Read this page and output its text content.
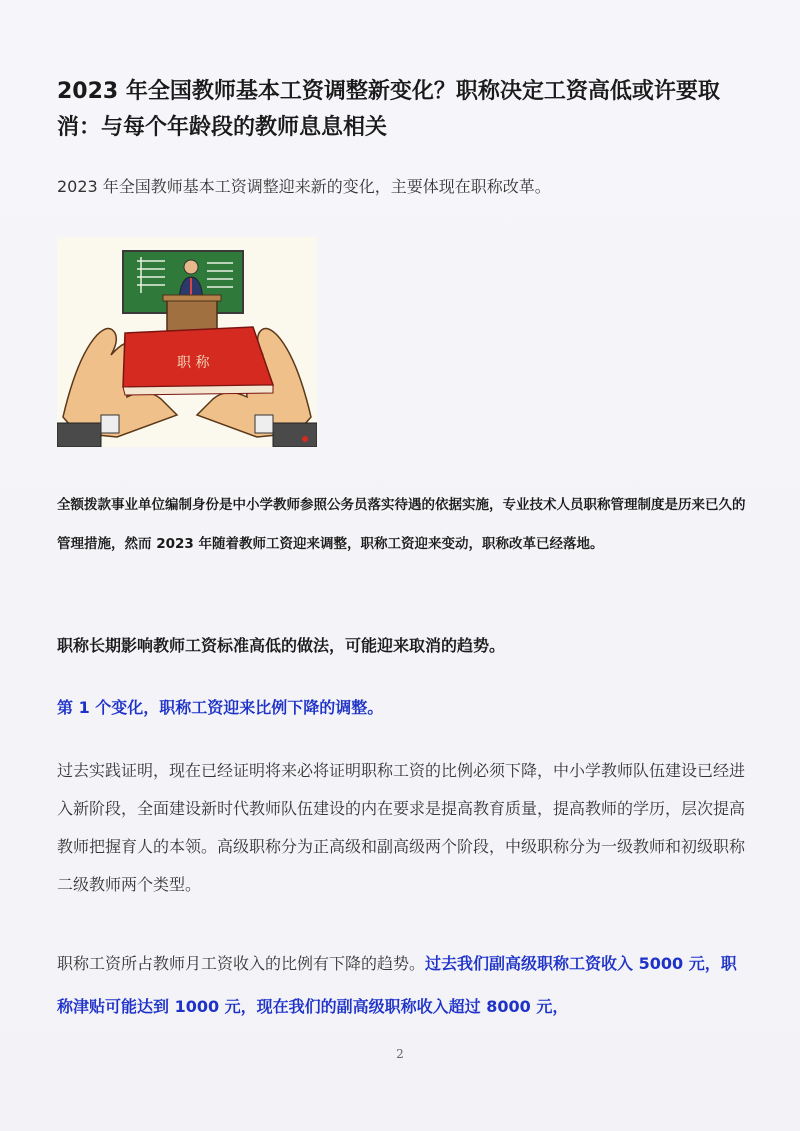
2023 年全国教师基本工资调整新变化？职称决定工资高低或许要取消：与每个年龄段的教师息息相关
2023 年全国教师基本工资调整迎来新的变化，主要体现在职称改革。
职 称
全额拨款事业单位编制身份是中小学教师参照公务员落实待遇的依据实施，专业技术人员职称管理制度是历来已久的管理措施，然而 2023 年随着教师工资迎来调整，职称工资迎来变动，职称改革已经落地。
职称长期影响教师工资标准高低的做法，可能迎来取消的趋势。
第 1 个变化，职称工资迎来比例下降的调整。
过去实践证明，现在已经证明将来必将证明职称工资的比例必须下降，中小学教师队伍建设已经进入新阶段，全面建设新时代教师队伍建设的内在要求是提高教育质量，提高教师的学历，层次提高教师把握育人的本领。高级职称分为正高级和副高级两个阶段，中级职称分为一级教师和初级职称二级教师两个类型。
职称工资所占教师月工资收入的比例有下降的趋势。过去我们副高级职称工资收入 5000 元，职称津贴可能达到 1000 元，现在我们的副高级职称收入超过 8000 元，
2
